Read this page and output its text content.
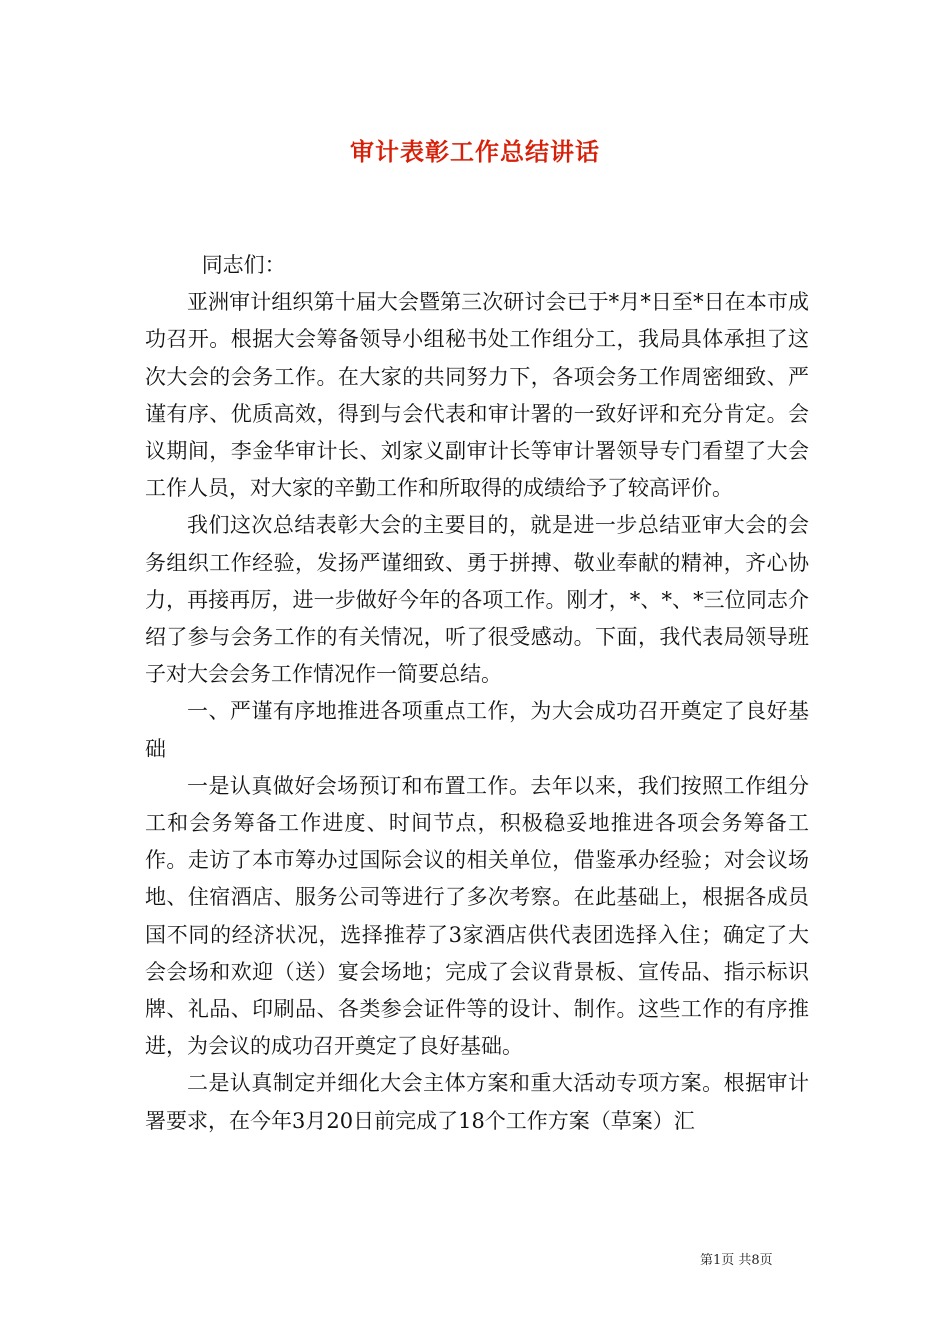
审计表彰工作总结讲话

同志们：

亚洲审计组织第十届大会暨第三次研讨会已于*月*日至*日在本市成功召开。根据大会筹备领导小组秘书处工作组分工，我局具体承担了这次大会的会务工作。在大家的共同努力下，各项会务工作周密细致、严谨有序、优质高效，得到与会代表和审计署的一致好评和充分肯定。会议期间，李金华审计长、刘家义副审计长等审计署领导专门看望了大会工作人员，对大家的辛勤工作和所取得的成绩给予了较高评价。

我们这次总结表彰大会的主要目的，就是进一步总结亚审大会的会务组织工作经验，发扬严谨细致、勇于拼搏、敬业奉献的精神，齐心协力，再接再厉，进一步做好今年的各项工作。刚才，*、*、*三位同志介绍了参与会务工作的有关情况，听了很受感动。下面，我代表局领导班子对大会会务工作情况作一简要总结。

一、严谨有序地推进各项重点工作，为大会成功召开奠定了良好基础

一是认真做好会场预订和布置工作。去年以来，我们按照工作组分工和会务筹备工作进度、时间节点，积极稳妥地推进各项会务筹备工作。走访了本市筹办过国际会议的相关单位，借鉴承办经验；对会议场地、住宿酒店、服务公司等进行了多次考察。在此基础上，根据各成员国不同的经济状况，选择推荐了3家酒店供代表团选择入住；确定了大会会场和欢迎（送）宴会场地；完成了会议背景板、宣传品、指示标识牌、礼品、印刷品、各类参会证件等的设计、制作。这些工作的有序推进，为会议的成功召开奠定了良好基础。

二是认真制定并细化大会主体方案和重大活动专项方案。根据审计署要求，在今年3月20日前完成了18个工作方案（草案）汇

第1页 共8页
